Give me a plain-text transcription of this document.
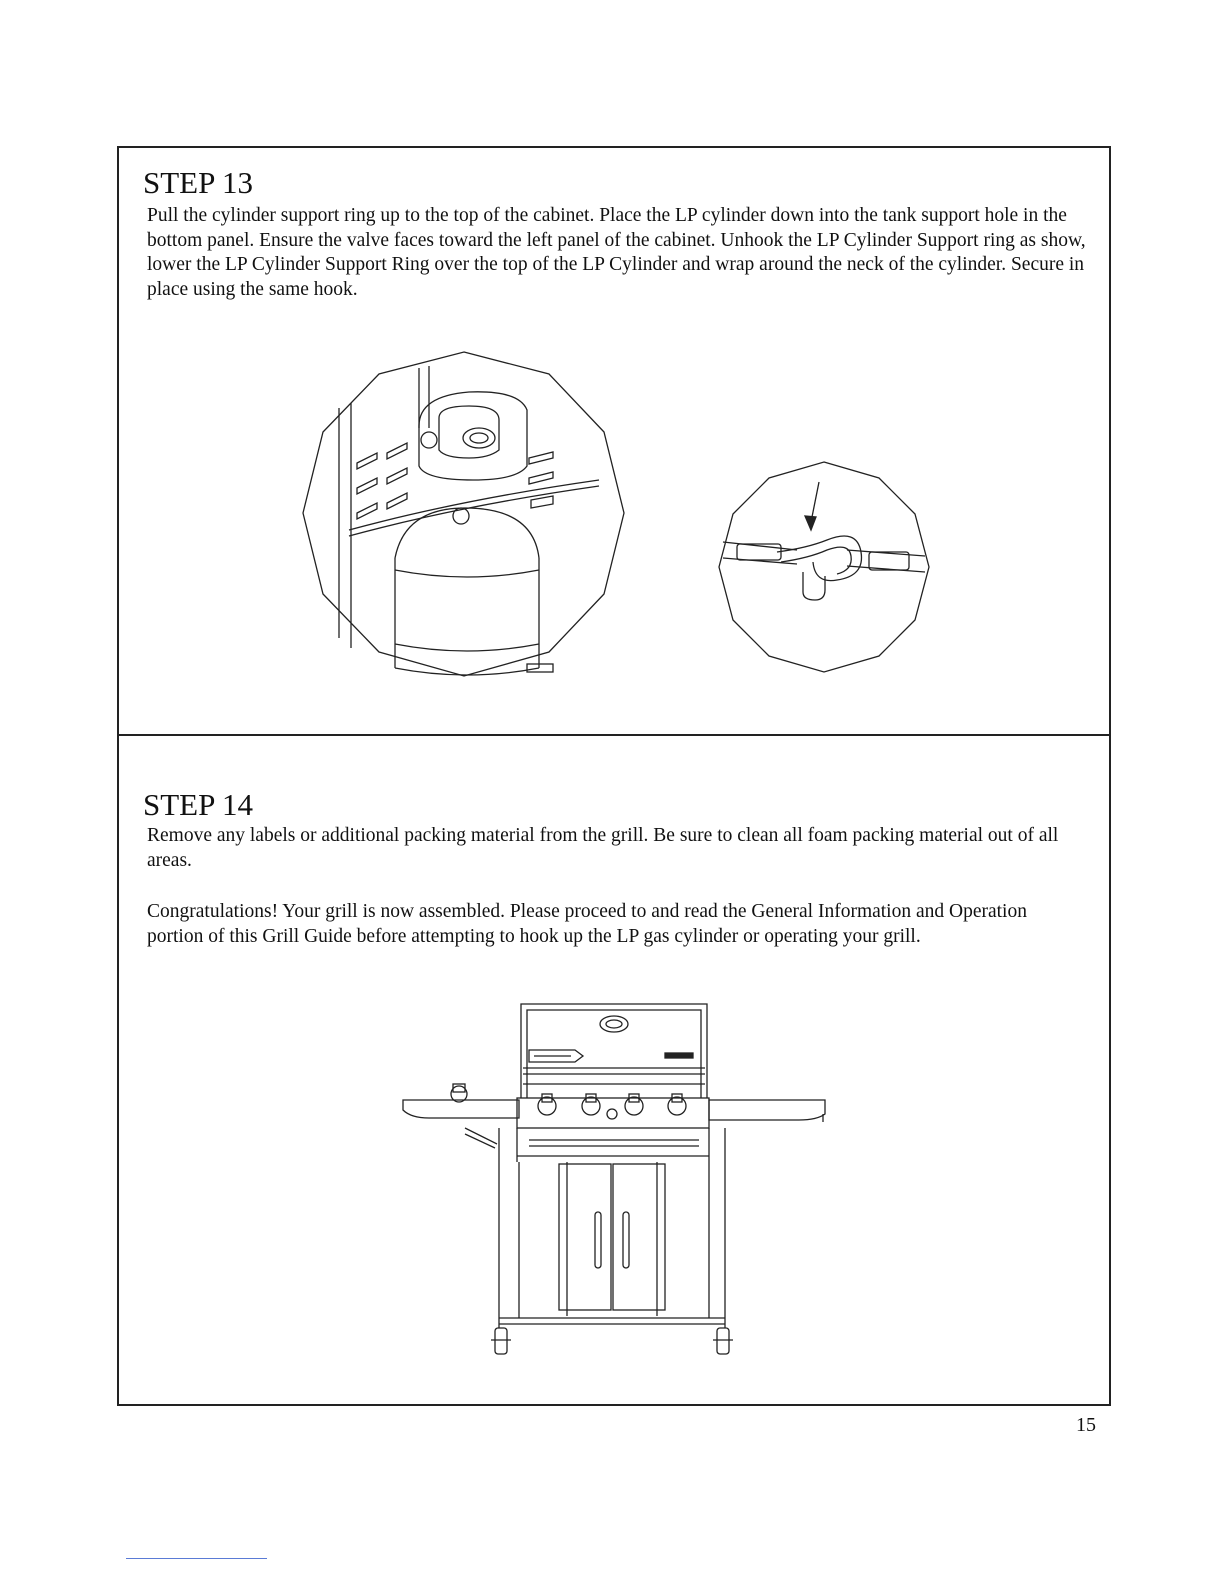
STEP 13

Pull the cylinder support ring up to the top of the cabinet. Place the LP cylinder down into the tank support hole in the bottom panel. Ensure the valve faces toward the left panel of the cabinet. Unhook the LP Cylinder Support ring as show, lower the LP Cylinder Support Ring over the top of the LP Cylinder and wrap around the neck of the cylinder. Secure in place using the same hook.

STEP 14

Remove any labels or additional packing material from the grill. Be sure to clean all foam packing material out of all areas.

Congratulations! Your grill is now assembled. Please proceed to and read the General Information and Operation portion of this Grill Guide before attempting to hook up the LP gas cylinder or operating your grill.

15
